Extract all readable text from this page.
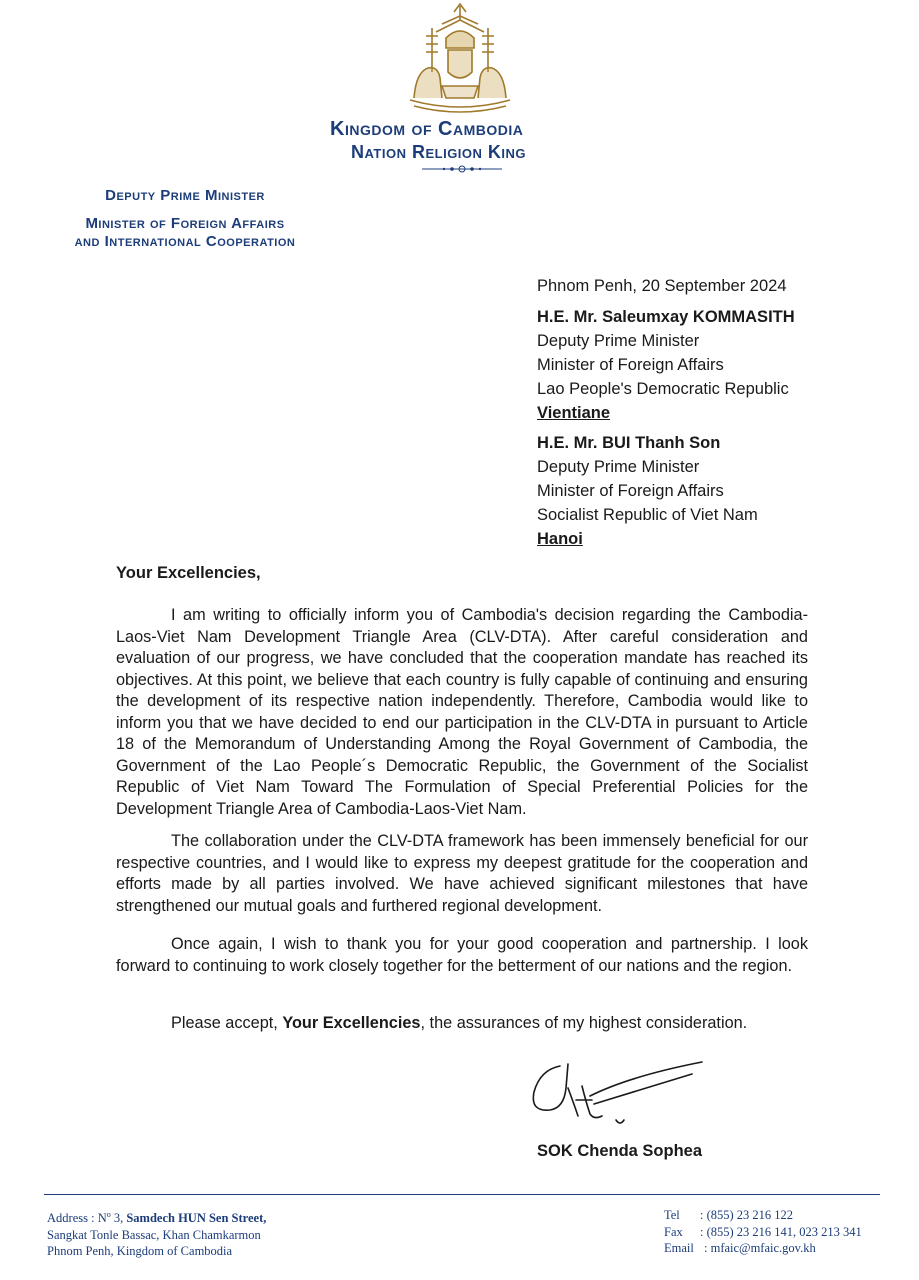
Kingdom of Cambodia
Nation Religion King
Deputy Prime Minister
Minister of Foreign Affairs
and International Cooperation
Phnom Penh, 20 September 2024
H.E. Mr. Saleumxay KOMMASITH
Deputy Prime Minister
Minister of Foreign Affairs
Lao People's Democratic Republic
Vientiane
H.E. Mr. BUI Thanh Son
Deputy Prime Minister
Minister of Foreign Affairs
Socialist Republic of Viet Nam
Hanoi
Your Excellencies,
I am writing to officially inform you of Cambodia's decision regarding the Cambodia-Laos-Viet Nam Development Triangle Area (CLV-DTA). After careful consideration and evaluation of our progress, we have concluded that the cooperation mandate has reached its objectives. At this point, we believe that each country is fully capable of continuing and ensuring the development of its respective nation independently. Therefore, Cambodia would like to inform you that we have decided to end our participation in the CLV-DTA in pursuant to Article 18 of the Memorandum of Understanding Among the Royal Government of Cambodia, the Government of the Lao People´s Democratic Republic, the Government of the Socialist Republic of Viet Nam Toward The Formulation of Special Preferential Policies for the Development Triangle Area of Cambodia-Laos-Viet Nam.
The collaboration under the CLV-DTA framework has been immensely beneficial for our respective countries, and I would like to express my deepest gratitude for the cooperation and efforts made by all parties involved. We have achieved significant milestones that have strengthened our mutual goals and furthered regional development.
Once again, I wish to thank you for your good cooperation and partnership. I look forward to continuing to work closely together for the betterment of our nations and the region.
Please accept, Your Excellencies, the assurances of my highest consideration.
SOK Chenda Sophea
Address : $N^o$ 3, Samdech HUN Sen Street,
Sangkat Tonle Bassac, Khan Chamkarmon
Phnom Penh, Kingdom of Cambodia
Tel : (855) 23 216 122
Fax : (855) 23 216 141, 023 213 341
Email : mfaic@mfaic.gov.kh
